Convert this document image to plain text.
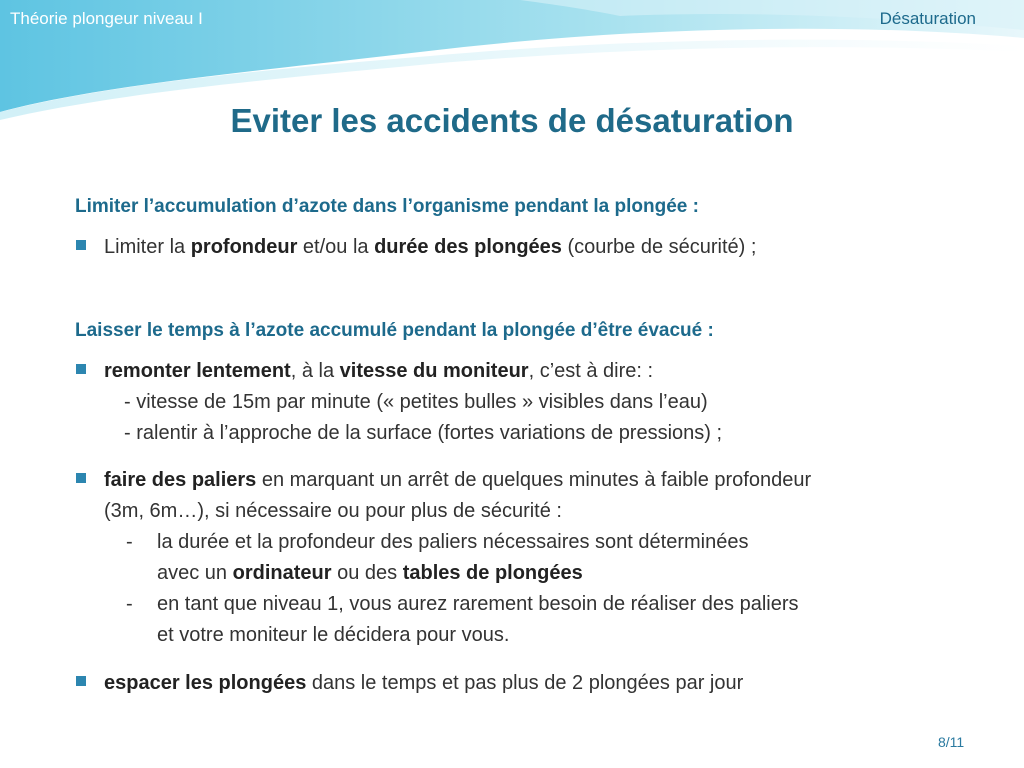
Théorie plongeur niveau I	Désaturation
Eviter les accidents de désaturation
Limiter l’accumulation d’azote dans l’organisme pendant la plongée :
Limiter la profondeur et/ou la durée des plongées (courbe de sécurité) ;
Laisser le temps à l’azote accumulé pendant la plongée d’être évacué :
remonter lentement, à la vitesse du moniteur, c’est à dire: :
- vitesse de 15m par minute (« petites bulles » visibles dans l’eau)
- ralentir à l’approche de la surface (fortes variations de pressions) ;
faire des paliers en marquant un arrêt de quelques minutes à faible profondeur
(3m, 6m…), si nécessaire ou pour plus de sécurité :
- la durée et la profondeur des paliers nécessaires sont déterminées
avec un ordinateur ou des tables de plongées
- en tant que niveau 1, vous aurez rarement besoin de réaliser des paliers
et votre moniteur le décidera pour vous.
espacer les plongées dans le temps et pas plus de 2 plongées par jour
8/11
